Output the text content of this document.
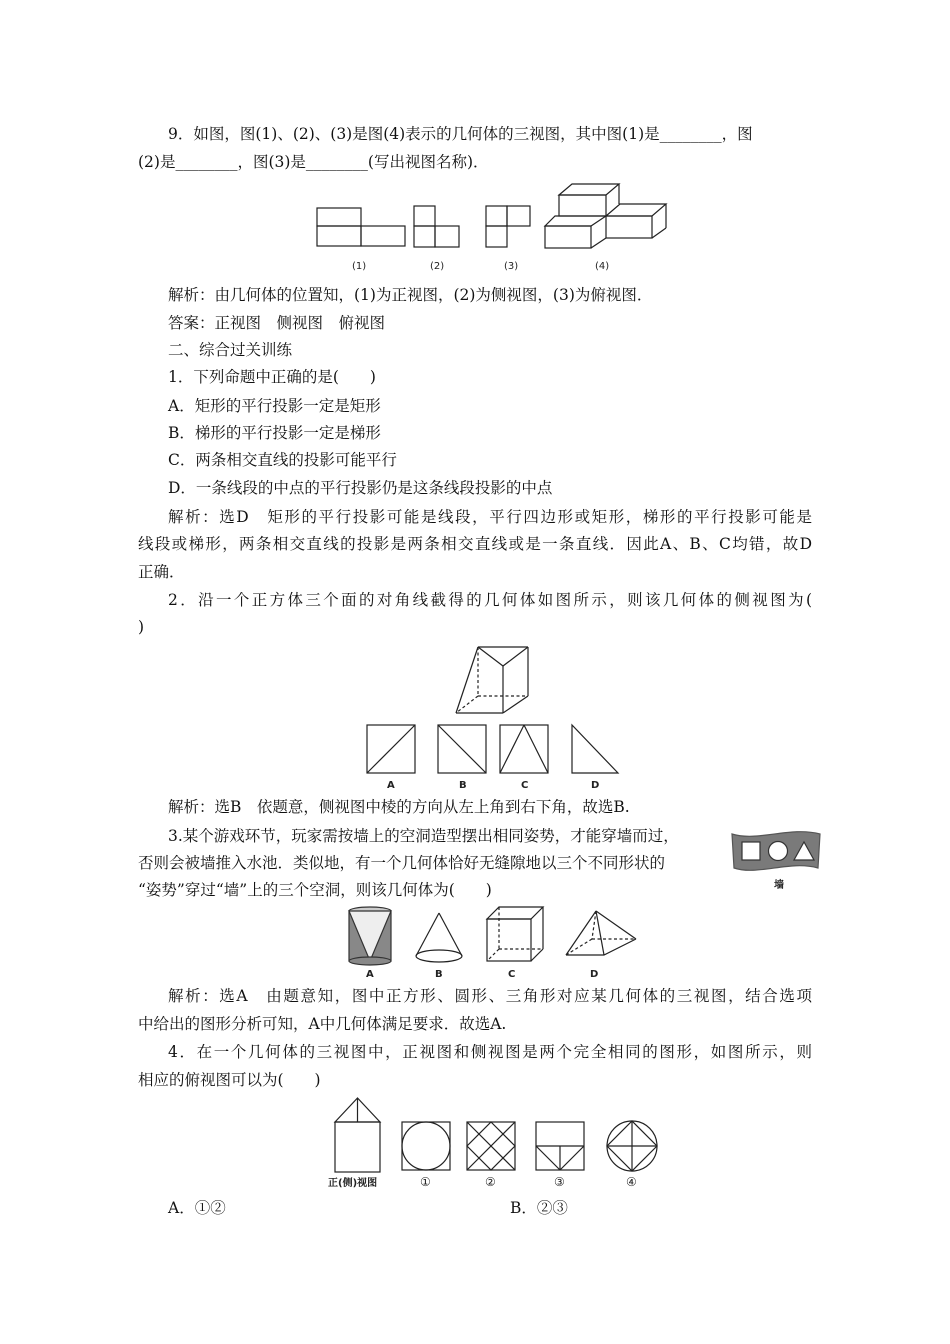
9．如图，图(1)、(2)、(3)是图(4)表示的几何体的三视图，其中图(1)是________，图
(2)是________，图(3)是________(写出视图名称)．
(1)	(2)	(3)	(4)
解析：由几何体的位置知，(1)为正视图，(2)为侧视图，(3)为俯视图．
答案：正视图　侧视图　俯视图
二、综合过关训练
1．下列命题中正确的是(　　)
A．矩形的平行投影一定是矩形
B．梯形的平行投影一定是梯形
C．两条相交直线的投影可能平行
D．一条线段的中点的平行投影仍是这条线段投影的中点
解析：选D　矩形的平行投影可能是线段，平行四边形或矩形，梯形的平行投影可能是
线段或梯形，两条相交直线的投影是两条相交直线或是一条直线．因此A、B、C均错，故D
正确．
2．沿一个正方体三个面的对角线截得的几何体如图所示，则该几何体的侧视图为(
)
A	B	C	D
解析：选B　依题意，侧视图中棱的方向从左上角到右下角，故选B.
3.某个游戏环节，玩家需按墙上的空洞造型摆出相同姿势，才能穿墙而过，
否则会被墙推入水池．类似地，有一个几何体恰好无缝隙地以三个不同形状的
“姿势”穿过“墙”上的三个空洞，则该几何体为(　　)	墙
A	B	C	D
解析：选A　由题意知，图中正方形、圆形、三角形对应某几何体的三视图，结合选项
中给出的图形分析可知，A中几何体满足要求．故选A.
4．在一个几何体的三视图中，正视图和侧视图是两个完全相同的图形，如图所示，则
相应的俯视图可以为(　　)
正(侧)视图	①	②	③	④
A．①②	B．②③
